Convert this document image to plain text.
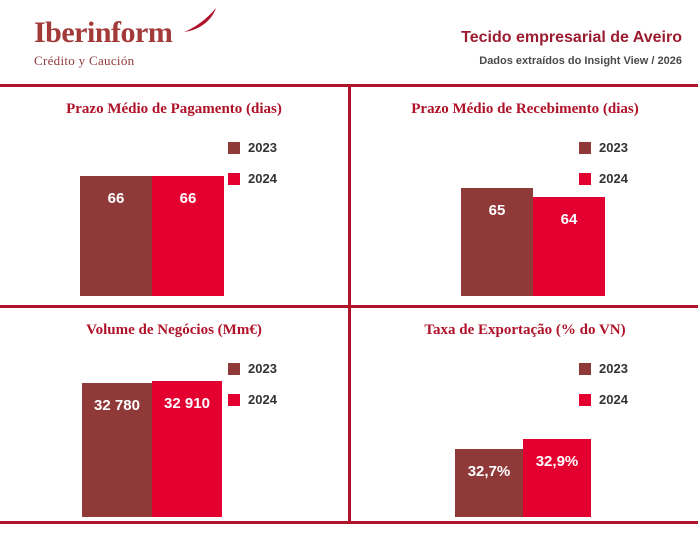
Iberinform
Crédito y Caución
Tecido empresarial de Aveiro
Dados extraídos do Insight View / 2026
Prazo Médio de Pagamento (dias)
2023
2024
66	66
Prazo Médio de Recebimento (dias)
2023
2024
65
64
Volume de Negócios (Mm€)
2023
2024
32 780	32 910
Taxa de Exportação (% do VN)
2023
2024
32,7%
32,9%
